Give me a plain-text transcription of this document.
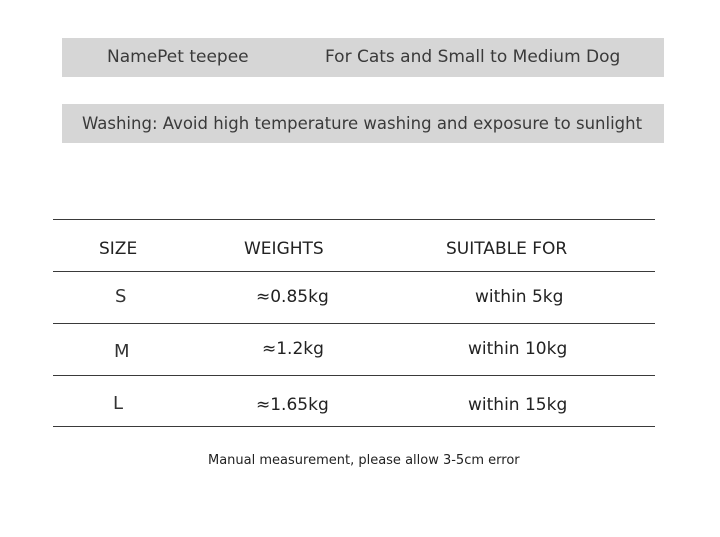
NamePet teepee	For Cats and Small to Medium Dog
Washing: Avoid high temperature washing and exposure to sunlight
SIZE	WEIGHTS	SUITABLE FOR
S	≈0.85kg	within 5kg
M	≈1.2kg	within 10kg
L	≈1.65kg	within 15kg
Manual measurement, please allow 3-5cm error
